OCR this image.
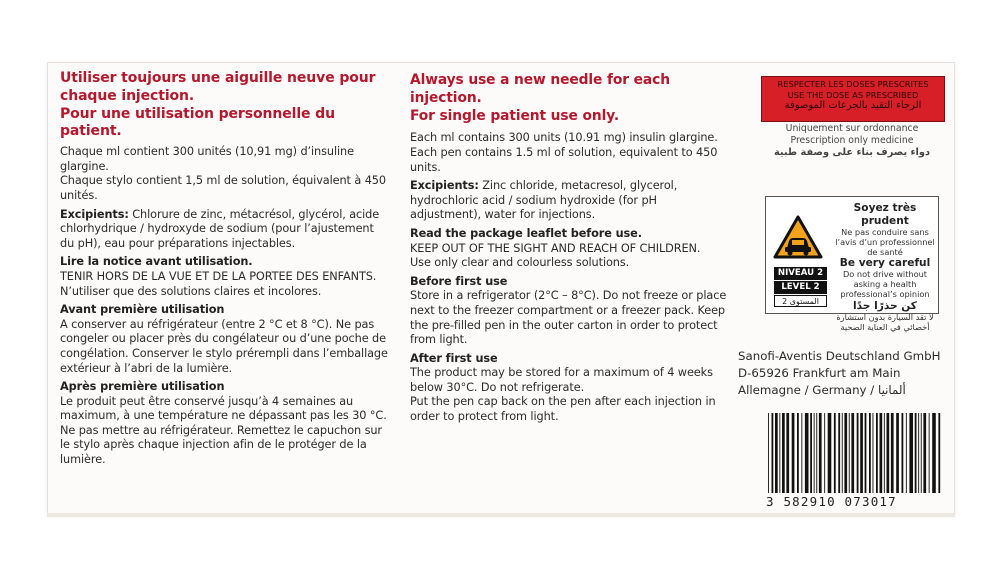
Utiliser toujours une aiguille neuve pour chaque injection.
Pour une utilisation personnelle du patient.

Chaque ml contient 300 unités (10,91 mg) d’insuline glargine.
Chaque stylo contient 1,5 ml de solution, équivalent à 450 unités.

Excipients: Chlorure de zinc, métacrésol, glycérol, acide chlorhydrique / hydroxyde de sodium (pour l’ajustement du pH), eau pour préparations injectables.

Lire la notice avant utilisation.

TENIR HORS DE LA VUE ET DE LA PORTEE DES ENFANTS.
N’utiliser que des solutions claires et incolores.

Avant première utilisation

A conserver au réfrigérateur (entre 2 °C et 8 °C). Ne pas congeler ou placer près du congélateur ou d’une poche de congélation. Conserver le stylo prérempli dans l’emballage extérieur à l’abri de la lumière.

Après première utilisation

Le produit peut être conservé jusqu’à 4 semaines au maximum, à une température ne dépassant pas les 30 °C. Ne pas mettre au réfrigérateur. Remettez le capuchon sur le stylo après chaque injection afin de le protéger de la lumière.

Always use a new needle for each injection.
For single patient use only.

Each ml contains 300 units (10.91 mg) insulin glargine. Each pen contains 1.5 ml of solution, equivalent to 450 units.

Excipients: Zinc chloride, metacresol, glycerol, hydrochloric acid / sodium hydroxide (for pH adjustment), water for injections.

Read the package leaflet before use.

KEEP OUT OF THE SIGHT AND REACH OF CHILDREN.
Use only clear and colourless solutions.

Before first use

Store in a refrigerator (2°C – 8°C). Do not freeze or place next to the freezer compartment or a freezer pack. Keep the pre-filled pen in the outer carton in order to protect from light.

After first use

The product may be stored for a maximum of 4 weeks below 30°C. Do not refrigerate.
Put the pen cap back on the pen after each injection in order to protect from light.

RESPECTER LES DOSES PRESCRITES
USE THE DOSE AS PRESCRIBED
الرجاء التقيد بالجرعات الموصوفة
Uniquement sur ordonnance
Prescription only medicine
دواء يصرف بناء على وصفة طبية
NIVEAU 2
LEVEL 2
المستوى 2
Soyez très prudent
Ne pas conduire sans l’avis d’un professionnel de santé
Be very careful
Do not drive without asking a health professional’s opinion
كن حذرًا جدًا
لا تقد السيارة بدون استشارة أخصائي في العناية الصحية
Sanofi-Aventis Deutschland GmbH
D-65926 Frankfurt am Main
Allemagne / Germany / ألمانيا
3 582910 073017
